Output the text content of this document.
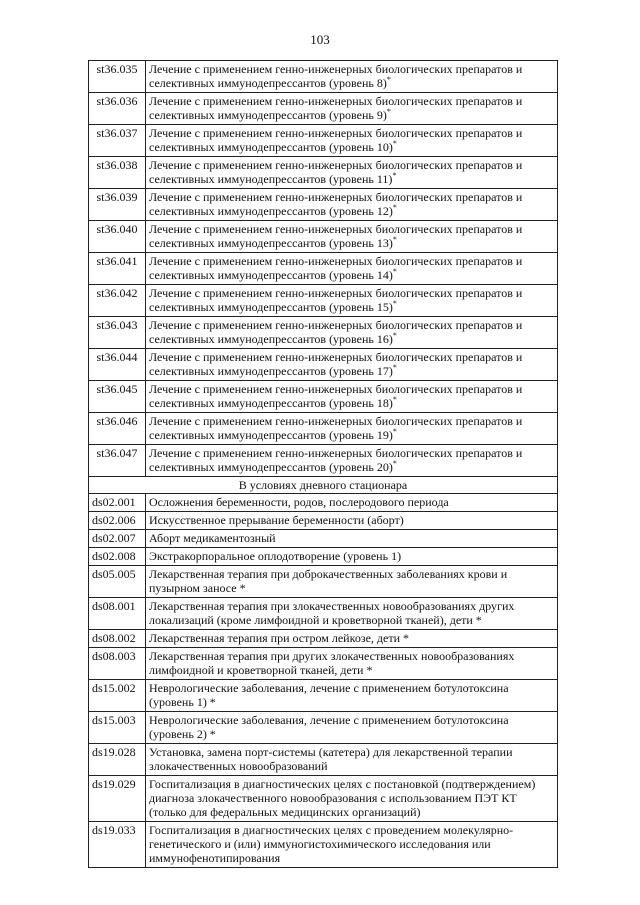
103
st36.035	Лечение с применением генно-инженерных биологических препаратов и селективных иммунодепрессантов (уровень 8)*
st36.036	Лечение с применением генно-инженерных биологических препаратов и селективных иммунодепрессантов (уровень 9)*
st36.037	Лечение с применением генно-инженерных биологических препаратов и селективных иммунодепрессантов (уровень 10)*
st36.038	Лечение с применением генно-инженерных биологических препаратов и селективных иммунодепрессантов (уровень 11)*
st36.039	Лечение с применением генно-инженерных биологических препаратов и селективных иммунодепрессантов (уровень 12)*
st36.040	Лечение с применением генно-инженерных биологических препаратов и селективных иммунодепрессантов (уровень 13)*
st36.041	Лечение с применением генно-инженерных биологических препаратов и селективных иммунодепрессантов (уровень 14)*
st36.042	Лечение с применением генно-инженерных биологических препаратов и селективных иммунодепрессантов (уровень 15)*
st36.043	Лечение с применением генно-инженерных биологических препаратов и селективных иммунодепрессантов (уровень 16)*
st36.044	Лечение с применением генно-инженерных биологических препаратов и селективных иммунодепрессантов (уровень 17)*
st36.045	Лечение с применением генно-инженерных биологических препаратов и селективных иммунодепрессантов (уровень 18)*
st36.046	Лечение с применением генно-инженерных биологических препаратов и селективных иммунодепрессантов (уровень 19)*
st36.047	Лечение с применением генно-инженерных биологических препаратов и селективных иммунодепрессантов (уровень 20)*
В условиях дневного стационара	
ds02.001	Осложнения беременности, родов, послеродового периода
ds02.006	Искусственное прерывание беременности (аборт)
ds02.007	Аборт медикаментозный
ds02.008	Экстракорпоральное оплодотворение (уровень 1)
ds05.005	Лекарственная терапия при доброкачественных заболеваниях крови и пузырном заносе *
ds08.001	Лекарственная терапия при злокачественных новообразованиях других локализаций (кроме лимфоидной и кроветворной тканей), дети *
ds08.002	Лекарственная терапия при остром лейкозе, дети *
ds08.003	Лекарственная терапия при других злокачественных новообразованиях лимфоидной и кроветворной тканей, дети *
ds15.002	Неврологические заболевания, лечение с применением ботулотоксина (уровень 1) *
ds15.003	Неврологические заболевания, лечение с применением ботулотоксина (уровень 2) *
ds19.028	Установка, замена порт-системы (катетера) для лекарственной терапии злокачественных новообразований
ds19.029	Госпитализация в диагностических целях с постановкой (подтверждением) диагноза злокачественного новообразования с использованием ПЭТ КТ (только для федеральных медицинских организаций)
ds19.033	Госпитализация в диагностических целях с проведением молекулярно-генетического и (или) иммуногистохимического исследования или иммунофенотипирования
